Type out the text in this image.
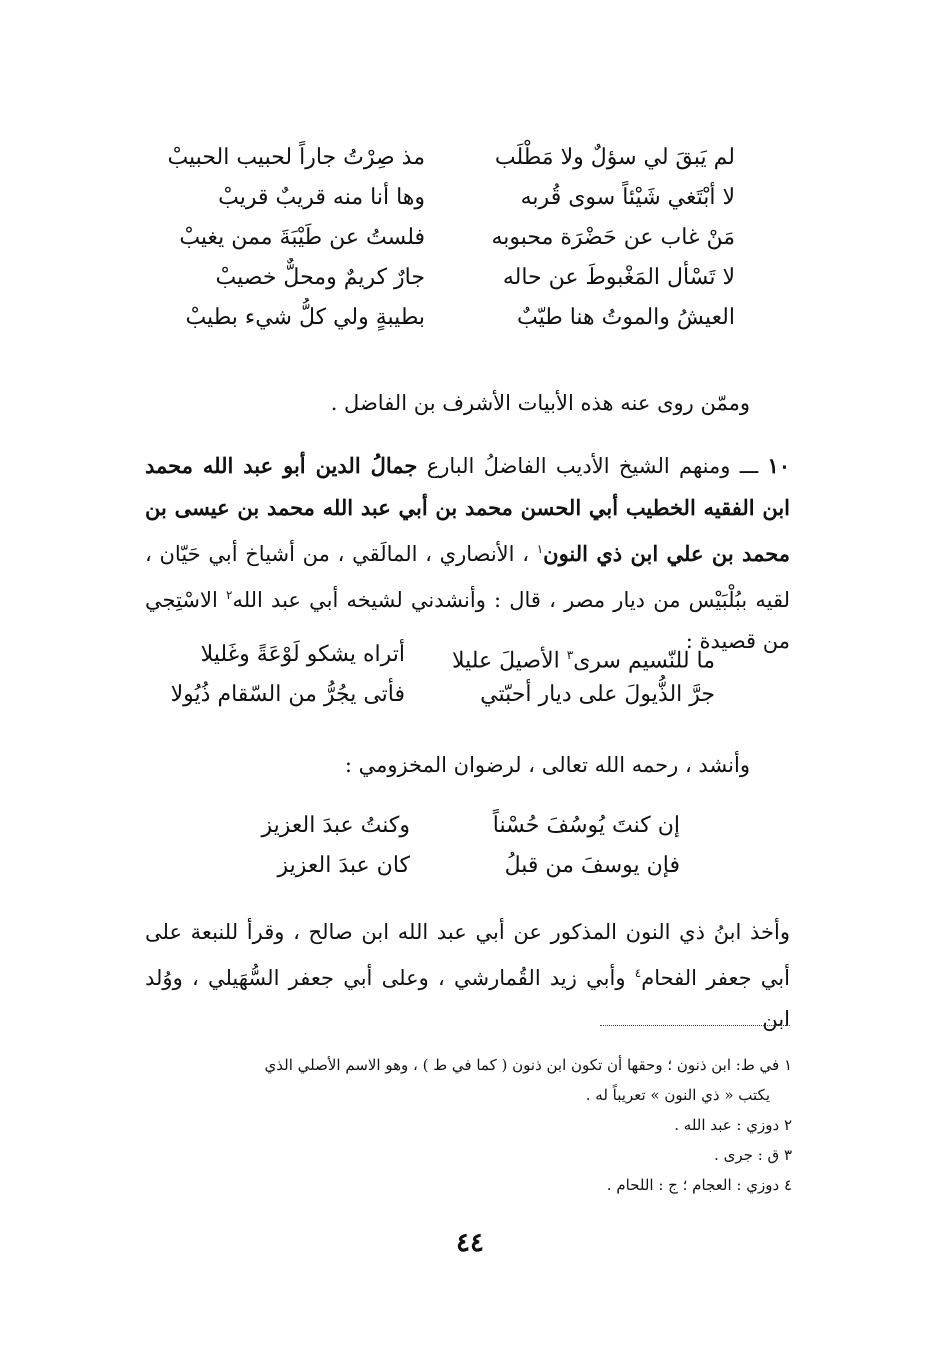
لم يَبقَ لي سؤلٌ ولا مَطْلَب
مذ صِرْتُ جاراً لحبيب الحبيبْ
لا أبْتَغي شَيْئاً سوى قُربه
وها أنا منه قريبٌ قريبْ
مَنْ غاب عن حَضْرَة محبوبه
فلستُ عن طَيْبَةَ ممن يغيبْ
لا تَسْأل المَغْبوطَ عن حاله
جارٌ كريمٌ ومحلٌّ خصيبْ
العيشُ والموتُ هنا طيّبٌ
بطيبةٍ ولي كلُّ شيء بطيبْ

وممّن روى عنه هذه الأبيات الأشرف بن الفاضل .

١٠ ـــ ومنهم الشيخ الأديب الفاضلُ البارع جمالُ الدين أبو عبد الله محمد ابن الفقيه الخطيب أبي الحسن محمد بن أبي عبد الله محمد بن عيسى بن محمد بن علي ابن ذي النون$^١$ ، الأنصاري ، المالَقي ، من أشياخ أبي حَيّان ، لقيه ببُلْبَيْس من ديار مصر ، قال : وأنشدني لشيخه أبي عبد الله$^٢$ الاسْتِجي من قصيدة :

ما للنّسيم سرى$^٣$ الأصيلَ عليلا
أتراه يشكو لَوْعَةً وغَليلا
جرَّ الذُّيولَ على ديار أحبّتي
فأتى يجُرُّ من السّقام ذُيُولا

وأنشد ، رحمه الله تعالى ، لرضوان المخزومي :

إن كنتَ يُوسُفَ حُسْناً
وكنتُ عبدَ العزيز
فإن يوسفَ من قبلُ
كان عبدَ العزيز

وأخذ ابنُ ذي النون المذكور عن أبي عبد الله ابن صالح ، وقرأ للنبعة على أبي جعفر الفحام$^٤$ وأبي زيد القُمارشي ، وعلى أبي جعفر السُّهَيلي ، ووُلد ابن

١ في ط: ابن ذنون ؛ وحقها أن تكون ابن ذنون ( كما في ط ) ، وهو الاسم الأصلي الذي
يكتب « ذي النون » تعريباً له .
٢ دوزي : عبد الله .
٣ ق : جرى .
٤ دوزي : العجام ؛ ج : اللحام .
٤٤
